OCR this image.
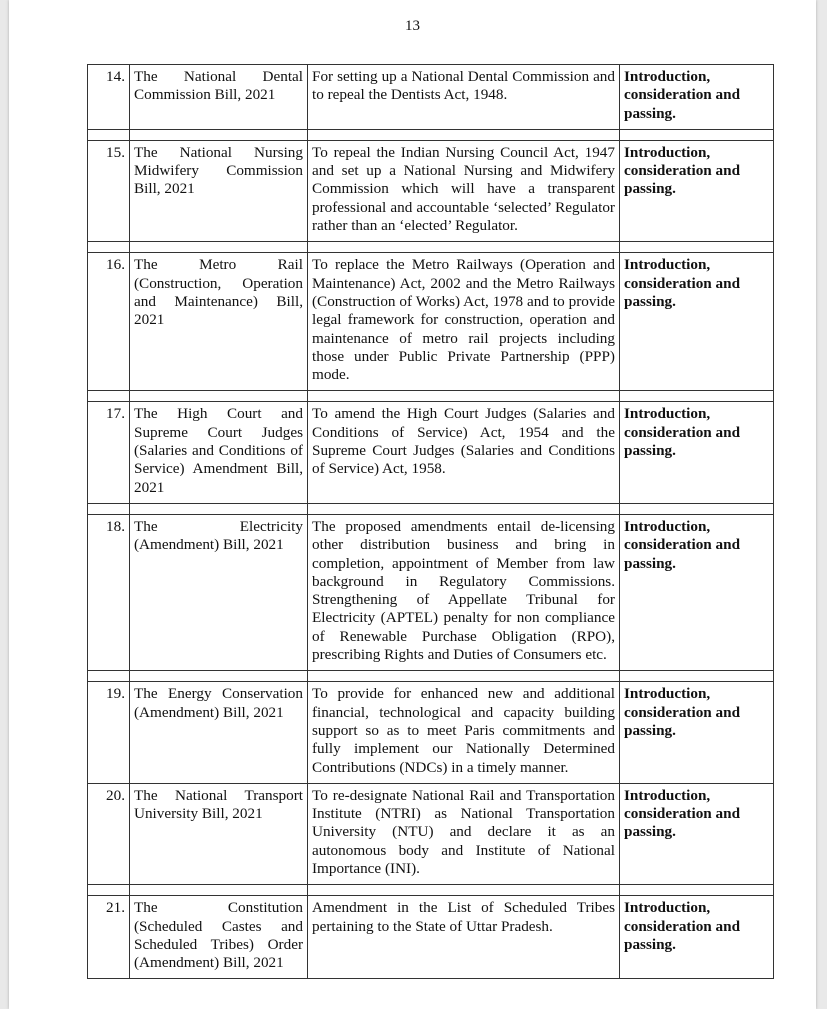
13
14.	The National Dental Commission Bill, 2021	For setting up a National Dental Commission and to repeal the Dentists Act, 1948.	Introduction, consideration and passing.

15.	The National Nursing Midwifery Commission Bill, 2021	To repeal the Indian Nursing Council Act, 1947 and set up a National Nursing and Midwifery Commission which will have a transparent professional and accountable ‘selected’ Regulator rather than an ‘elected’ Regulator.	Introduction, consideration and passing.

16.	The Metro Rail (Construction, Operation and Maintenance) Bill, 2021	To replace the Metro Railways (Operation and Maintenance) Act, 2002 and the Metro Railways (Construction of Works) Act, 1978 and to provide legal framework for construction, operation and maintenance of metro rail projects including those under Public Private Partnership (PPP) mode.	Introduction, consideration and passing.

17.	The High Court and Supreme Court Judges (Salaries and Conditions of Service) Amendment Bill, 2021	To amend the High Court Judges (Salaries and Conditions of Service) Act, 1954 and the Supreme Court Judges (Salaries and Conditions of Service) Act, 1958.	Introduction, consideration and passing.

18.	The Electricity (Amendment) Bill, 2021	The proposed amendments entail de-licensing other distribution business and bring in completion, appointment of Member from law background in Regulatory Commissions. Strengthening of Appellate Tribunal for Electricity (APTEL) penalty for non compliance of Renewable Purchase Obligation (RPO), prescribing Rights and Duties of Consumers etc.	Introduction, consideration and passing.

19.	The Energy Conservation (Amendment) Bill, 2021	To provide for enhanced new and additional financial, technological and capacity building support so as to meet Paris commitments and fully implement our Nationally Determined Contributions (NDCs) in a timely manner.	Introduction, consideration and passing.
20.	The National Transport University Bill, 2021	To re-designate National Rail and Transportation Institute (NTRI) as National Transportation University (NTU) and declare it as an autonomous body and Institute of National Importance (INI).	Introduction, consideration and passing.

21.	The Constitution (Scheduled Castes and Scheduled Tribes) Order (Amendment) Bill, 2021	Amendment in the List of Scheduled Tribes pertaining to the State of Uttar Pradesh.	Introduction, consideration and passing.
